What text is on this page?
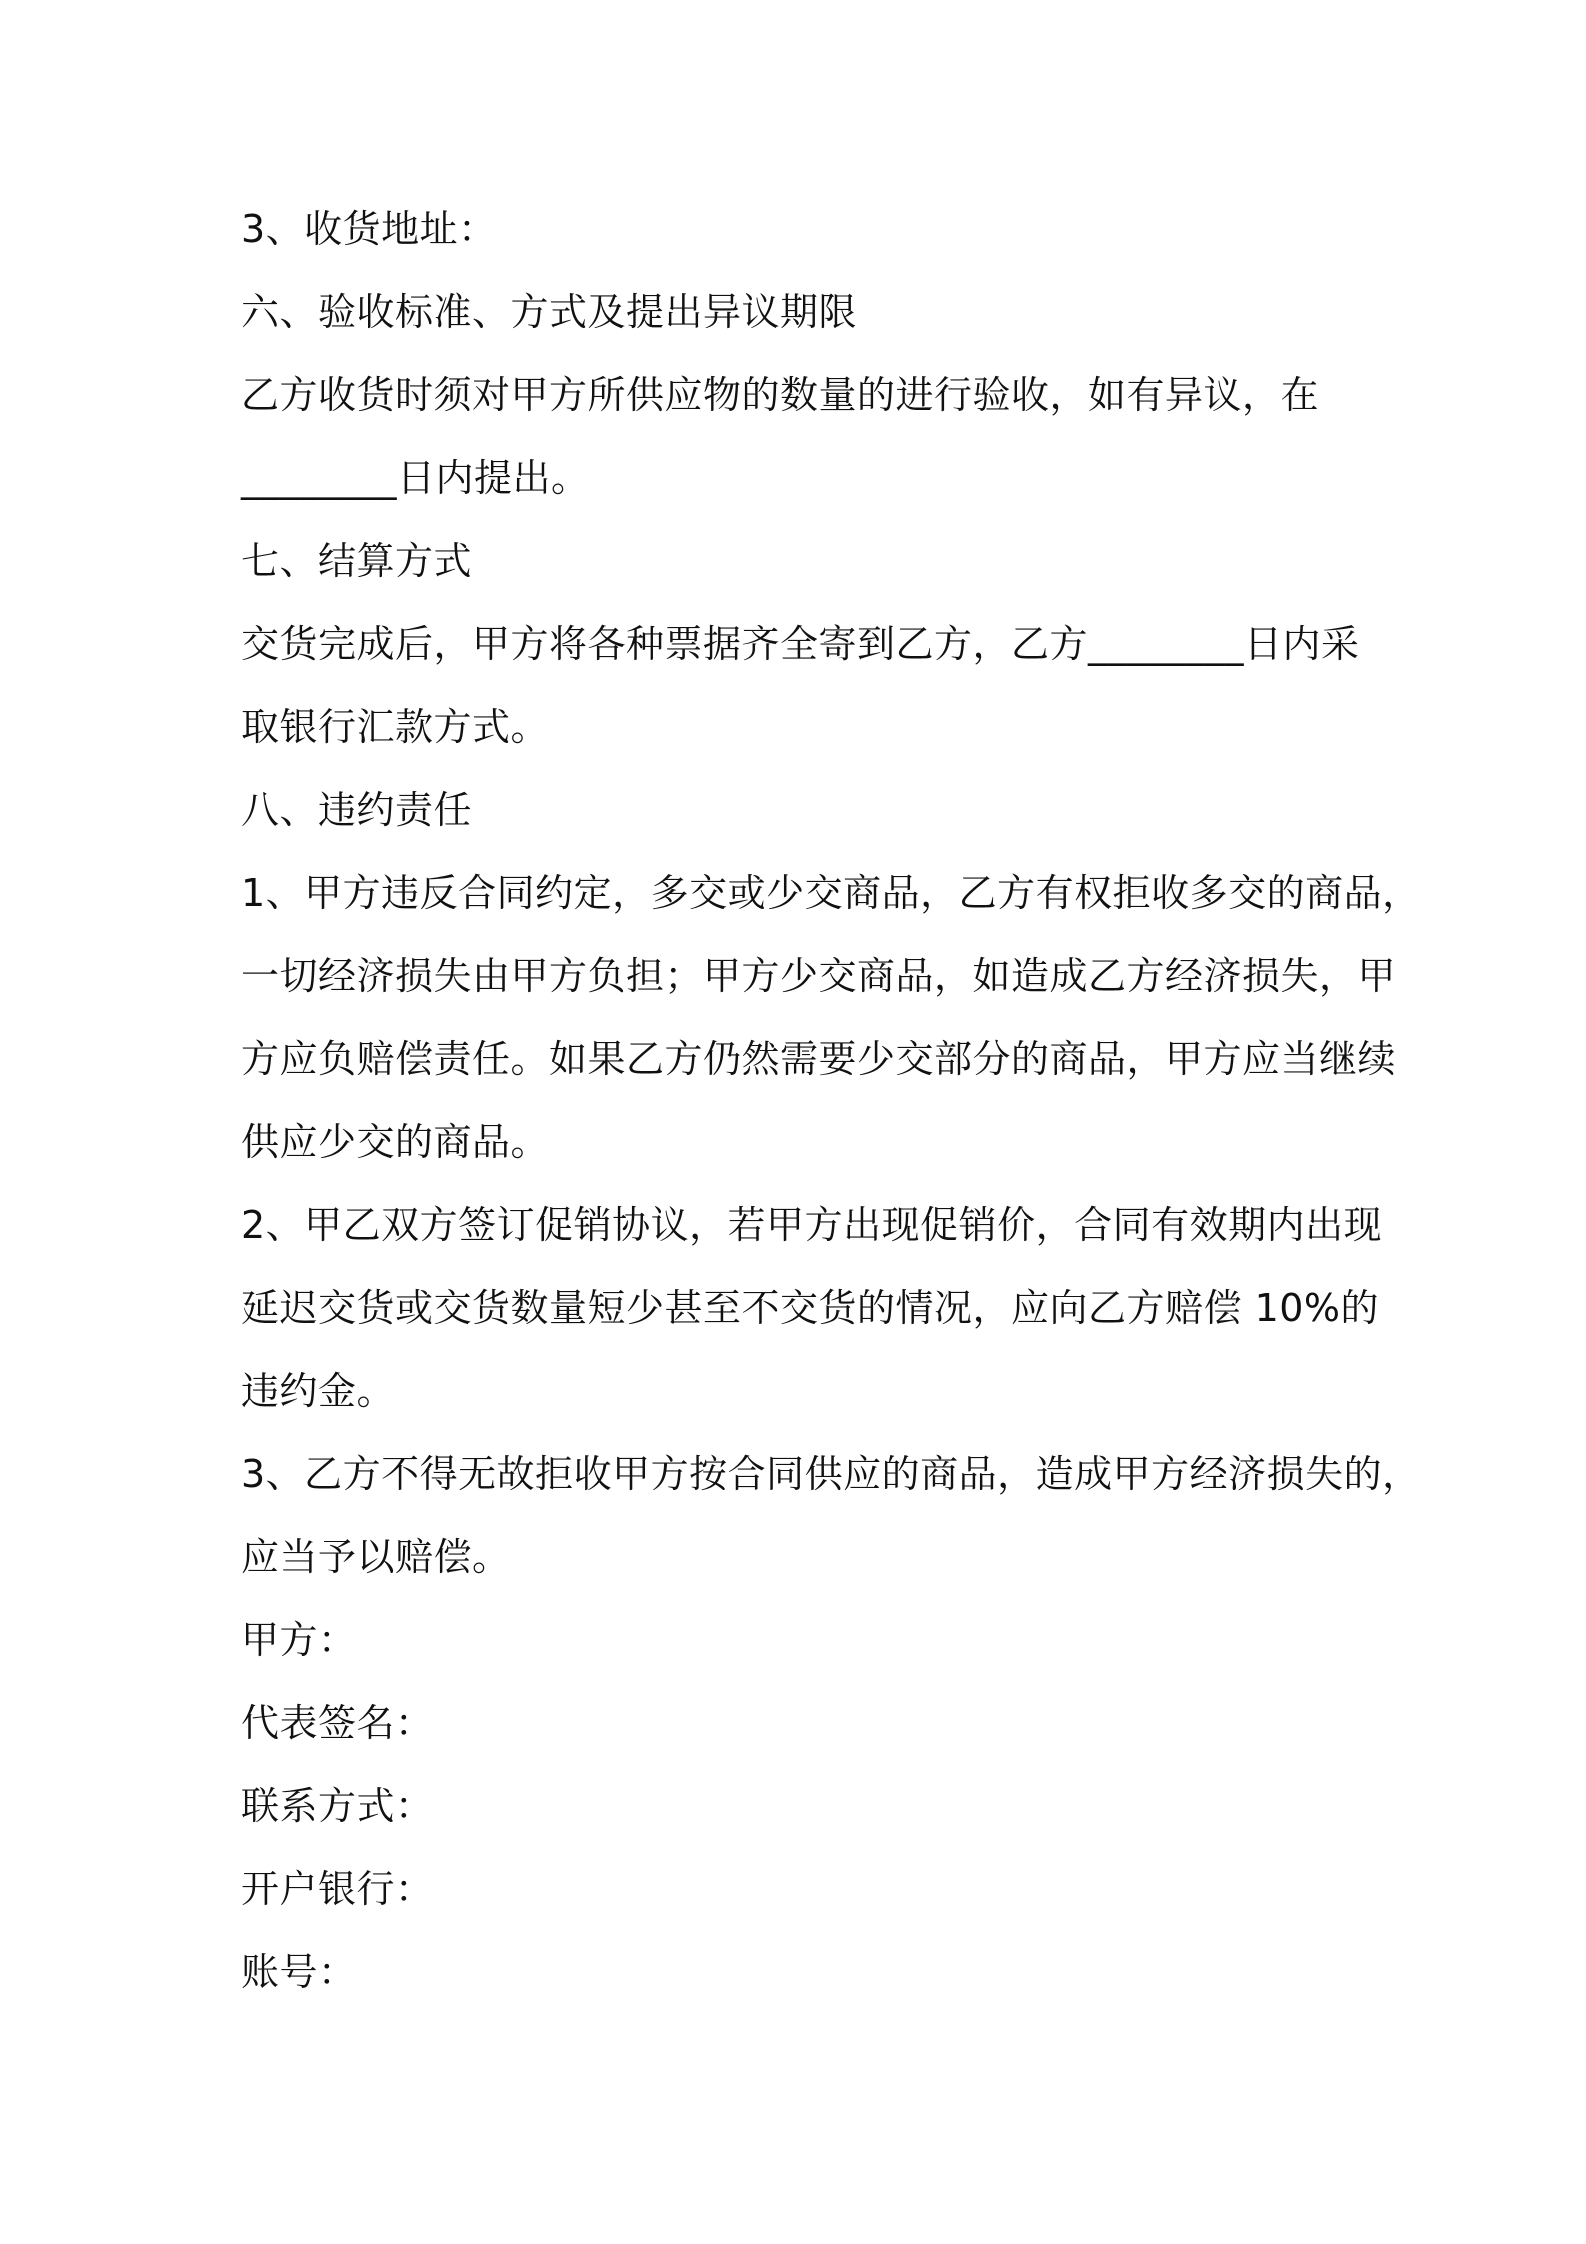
3、收货地址：
六、验收标准、方式及提出异议期限
乙方收货时须对甲方所供应物的数量的进行验收，如有异议，在
________日内提出。
七、结算方式
交货完成后，甲方将各种票据齐全寄到乙方，乙方________日内采
取银行汇款方式。
八、违约责任
1、甲方违反合同约定，多交或少交商品，乙方有权拒收多交的商品，
一切经济损失由甲方负担；甲方少交商品，如造成乙方经济损失，甲
方应负赔偿责任。如果乙方仍然需要少交部分的商品，甲方应当继续
供应少交的商品。
2、甲乙双方签订促销协议，若甲方出现促销价，合同有效期内出现
延迟交货或交货数量短少甚至不交货的情况，应向乙方赔偿 10%的
违约金。
3、乙方不得无故拒收甲方按合同供应的商品，造成甲方经济损失的，
应当予以赔偿。
甲方：
代表签名：
联系方式：
开户银行：
账号：
